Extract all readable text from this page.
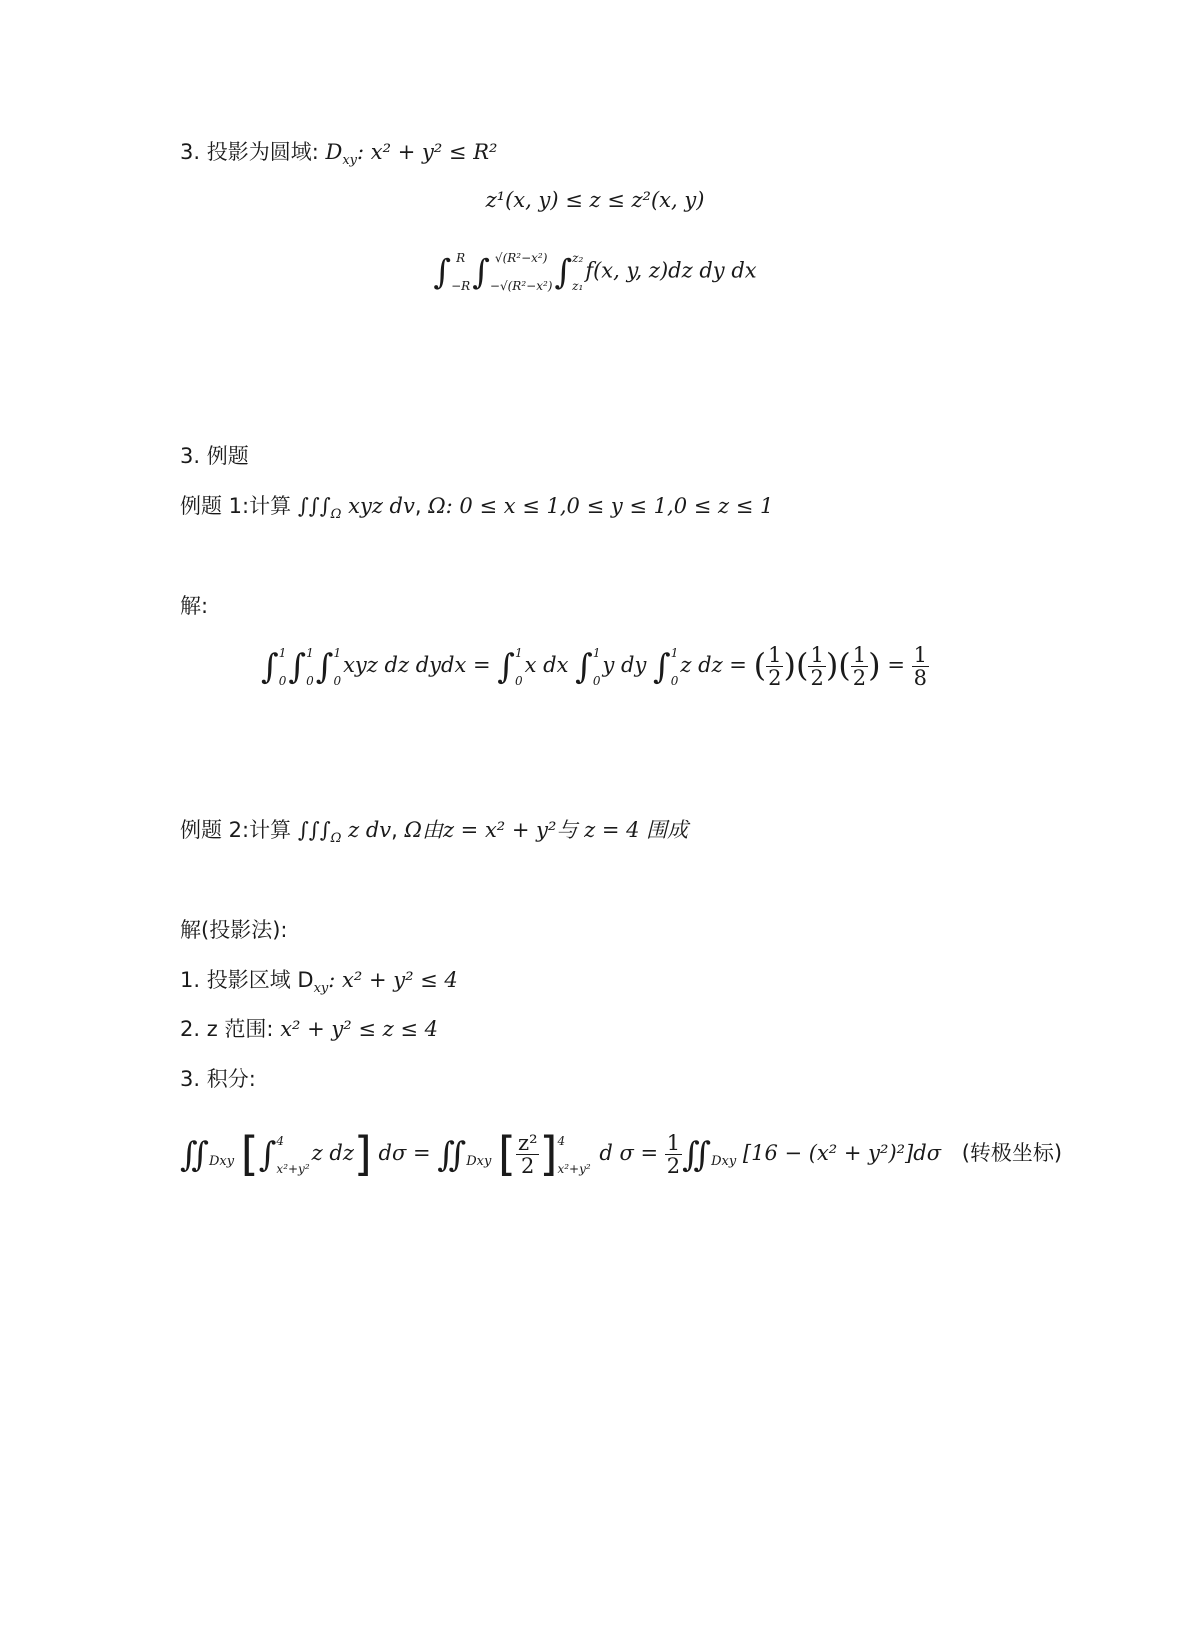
3. 投影为圆域: $D_{xy}$: x² + y² ≤ R²
z¹(x, y) ≤ z ≤ z²(x, y)
∫ R
−R ∫ √(R²−x²)
−√(R²−x²) ∫ z₂
z₁
f(x, y, z)dz dy dx
3. 例题
例题 1:计算 $\int\int\int_\Omega$ xyz dv, Ω: 0 ≤ x ≤ 1,0 ≤ y ≤ 1,0 ≤ z ≤ 1
解:
∫ 1
0 ∫ 1
0 ∫ 1
0
xyz dz dydx = ∫ 1
0
x dx ∫ 1
0
y dy ∫ 1
0
z dz = ( $\frac{1}{2}$ )( $\frac{1}{2}$ )( $\frac{1}{2}$ ) = $\frac{1}{8}$
例题 2:计算 $\int\int\int_\Omega$ z dv, Ω由z = x² + y²与 z = 4 围成
解(投影法):
1. 投影区域 $D_{xy}$: x² + y² ≤ 4
2. z 范围: x² + y² ≤ z ≤ 4
3. 积分:
$∬_{Dxy}$ [∫ 4
x²+y²
z dz] $d\sigma = ∬_{Dxy}$ [ $\frac{\text{z²}}{2}$ ] 4
x²+y²
d $\sigma = \frac{1}{2}$ $∬_{Dxy}$ [16 − (x² + y²)²]dσ (转极坐标)
